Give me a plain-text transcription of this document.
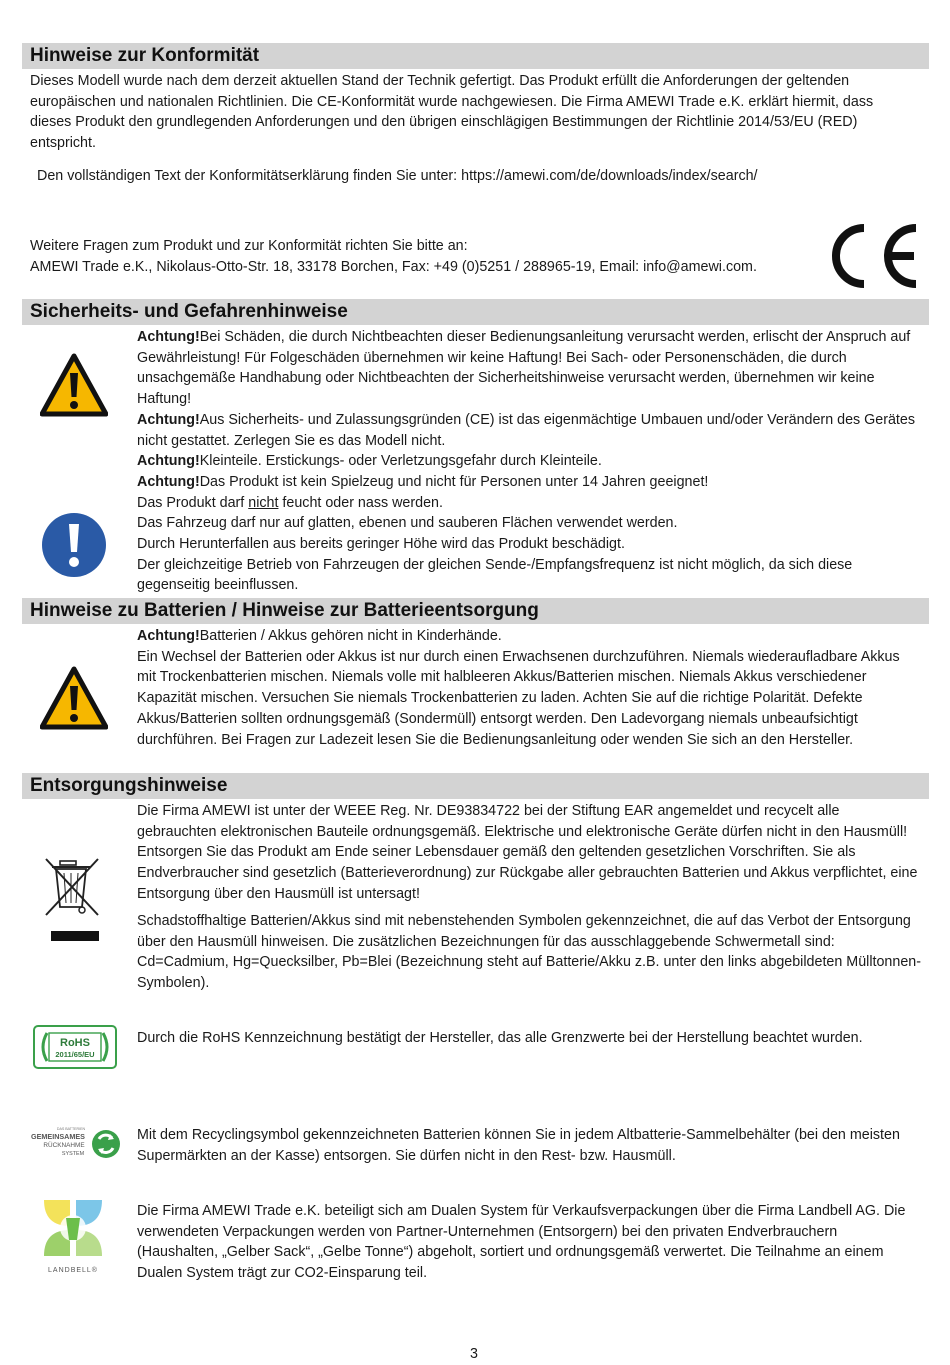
Hinweise zur Konformität
Dieses Modell wurde nach dem derzeit aktuellen Stand der Technik gefertigt. Das Produkt erfüllt die Anforderungen der geltenden europäischen und nationalen Richtlinien. Die CE-Konformität wurde nachgewiesen. Die Firma AMEWI Trade e.K. erklärt hiermit, dass dieses Produkt den grundlegenden Anforderungen und den übrigen einschlägigen Bestimmungen der Richtlinie 2014/53/EU (RED) entspricht.
Den vollständigen Text der Konformitätserklärung finden Sie unter: https://amewi.com/de/downloads/index/search/
Weitere Fragen zum Produkt und zur Konformität richten Sie bitte an:
AMEWI Trade e.K., Nikolaus-Otto-Str. 18, 33178 Borchen, Fax: +49 (0)5251 / 288965-19, Email: info@amewi.com.
Sicherheits- und Gefahrenhinweise
Achtung!Bei Schäden, die durch Nichtbeachten dieser Bedienungsanleitung verursacht werden, erlischt der Anspruch auf Gewährleistung! Für Folgeschäden übernehmen wir keine Haftung! Bei Sach- oder Personenschäden, die durch unsachgemäße Handhabung oder Nichtbeachten der Sicherheitshinweise verursacht werden, übernehmen wir keine Haftung!
Achtung!Aus Sicherheits- und Zulassungsgründen (CE) ist das eigenmächtige Umbauen und/oder Verändern des Gerätes nicht gestattet. Zerlegen Sie es das Modell nicht.
Achtung!Kleinteile. Erstickungs- oder Verletzungsgefahr durch Kleinteile.
Achtung!Das Produkt ist kein Spielzeug und nicht für Personen unter 14 Jahren geeignet!
Das Produkt darf nicht feucht oder nass werden.
Das Fahrzeug darf nur auf glatten, ebenen und sauberen Flächen verwendet werden.
Durch Herunterfallen aus bereits geringer Höhe wird das Produkt beschädigt.
Der gleichzeitige Betrieb von Fahrzeugen der gleichen Sende-/Empfangsfrequenz ist nicht möglich, da sich diese gegenseitig beeinflussen.
Hinweise zu Batterien / Hinweise zur Batterieentsorgung
Achtung!Batterien / Akkus gehören nicht in Kinderhände.
Ein Wechsel der Batterien oder Akkus ist nur durch einen Erwachsenen durchzuführen. Niemals wiederaufladbare Akkus mit Trockenbatterien mischen. Niemals volle mit halbleeren Akkus/Batterien mischen. Niemals Akkus verschiedener Kapazität mischen. Versuchen Sie niemals Trockenbatterien zu laden. Achten Sie auf die richtige Polarität. Defekte Akkus/Batterien sollten ordnungsgemäß (Sondermüll) entsorgt werden. Den Ladevorgang niemals unbeaufsichtigt durchführen. Bei Fragen zur Ladezeit lesen Sie die Bedienungsanleitung oder wenden Sie sich an den Hersteller.
Entsorgungshinweise
Die Firma AMEWI ist unter der WEEE Reg. Nr. DE93834722 bei der Stiftung EAR angemeldet und recycelt alle gebrauchten elektronischen Bauteile ordnungsgemäß. Elektrische und elektronische Geräte dürfen nicht in den Hausmüll! Entsorgen Sie das Produkt am Ende seiner Lebensdauer gemäß den geltenden gesetzlichen Vorschriften. Sie als Endverbraucher sind gesetzlich (Batterieverordnung) zur Rückgabe aller gebrauchten Batterien und Akkus verpflichtet, eine Entsorgung über den Hausmüll ist untersagt!
Schadstoffhaltige Batterien/Akkus sind mit nebenstehenden Symbolen gekennzeichnet, die auf das Verbot der Entsorgung über den Hausmüll hinweisen. Die zusätzlichen Bezeichnungen für das ausschlaggebende Schwermetall sind: Cd=Cadmium, Hg=Quecksilber, Pb=Blei (Bezeichnung steht auf Batterie/Akku z.B. unter den links abgebildeten Mülltonnen-Symbolen).
RoHS
2011/65/EU
Durch die RoHS Kennzeichnung bestätigt der Hersteller, das alle Grenzwerte bei der Herstellung beachtet wurden.
DAS BATTERIEN
GEMEINSAMES
RÜCKNAHME
SYSTEM
Mit dem Recyclingsymbol gekennzeichneten Batterien können Sie in jedem Altbatterie-Sammelbehälter (bei den meisten Supermärkten an der Kasse) entsorgen. Sie dürfen nicht in den Rest- bzw. Hausmüll.
LANDBELL®
Die Firma AMEWI Trade e.K. beteiligt sich am Dualen System für Verkaufsverpackungen über die Firma Landbell AG. Die verwendeten Verpackungen werden von Partner-Unternehmen (Entsorgern) bei den privaten Endverbrauchern (Haushalten, „Gelber Sack“, „Gelbe Tonne“) abgeholt, sortiert und ordnungsgemäß verwertet. Die Teilnahme an einem Dualen System trägt zur CO2-Einsparung teil.
3
